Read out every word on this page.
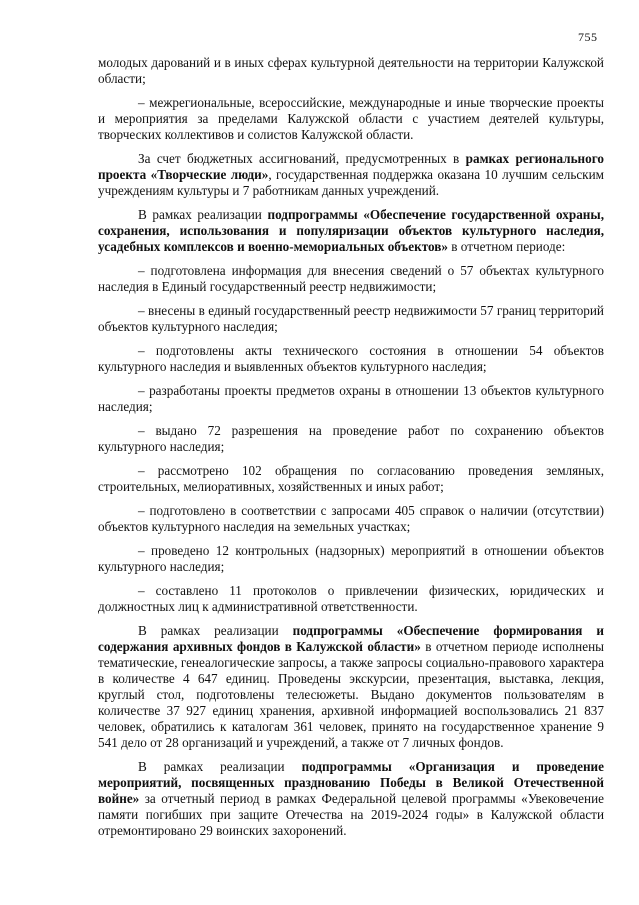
755

молодых дарований и в иных сферах культурной деятельности на территории Калужской области;

– межрегиональные, всероссийские, международные и иные творческие проекты и мероприятия за пределами Калужской области с участием деятелей культуры, творческих коллективов и солистов Калужской области.

За счет бюджетных ассигнований, предусмотренных в рамках регионального проекта «Творческие люди», государственная поддержка оказана 10 лучшим сельским учреждениям культуры и 7 работникам данных учреждений.

В рамках реализации подпрограммы «Обеспечение государственной охраны, сохранения, использования и популяризации объектов культурного наследия, усадебных комплексов и военно-мемориальных объектов» в отчетном периоде:

– подготовлена информация для внесения сведений о 57 объектах культурного наследия в Единый государственный реестр недвижимости;

– внесены в единый государственный реестр недвижимости 57 границ территорий объектов культурного наследия;

– подготовлены акты технического состояния в отношении 54 объектов культурного наследия и выявленных объектов культурного наследия;

– разработаны проекты предметов охраны в отношении 13 объектов культурного наследия;

– выдано 72 разрешения на проведение работ по сохранению объектов культурного наследия;

– рассмотрено 102 обращения по согласованию проведения земляных, строительных, мелиоративных, хозяйственных и иных работ;

– подготовлено в соответствии с запросами 405 справок о наличии (отсутствии) объектов культурного наследия на земельных участках;

– проведено 12 контрольных (надзорных) мероприятий в отношении объектов культурного наследия;

– составлено 11 протоколов о привлечении физических, юридических и должностных лиц к административной ответственности.

В рамках реализации подпрограммы «Обеспечение формирования и содержания архивных фондов в Калужской области» в отчетном периоде исполнены тематические, генеалогические запросы, а также запросы социально-правового характера в количестве 4 647 единиц. Проведены экскурсии, презентация, выставка, лекция, круглый стол, подготовлены телесюжеты. Выдано документов пользователям в количестве 37 927 единиц хранения, архивной информацией воспользовались 21 837 человек, обратились к каталогам 361 человек, принято на государственное хранение 9 541 дело от 28 организаций и учреждений, а также от 7 личных фондов.

В рамках реализации подпрограммы «Организация и проведение мероприятий, посвященных празднованию Победы в Великой Отечественной войне» за отчетный период в рамках Федеральной целевой программы «Увековечение памяти погибших при защите Отечества на 2019-2024 годы» в Калужской области отремонтировано 29 воинских захоронений.
